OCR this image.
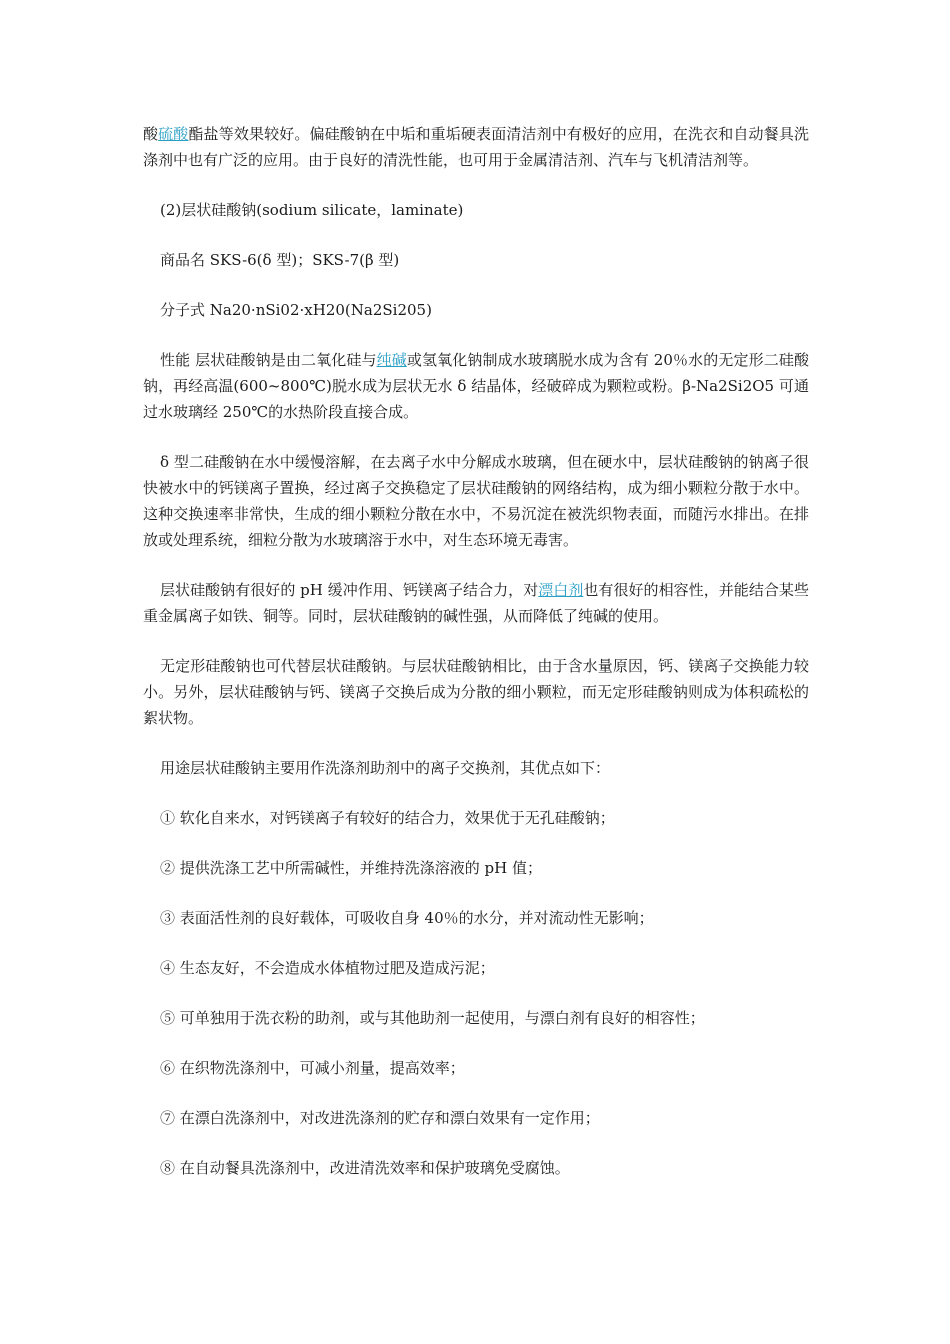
酸硫酸酯盐等效果较好。偏硅酸钠在中垢和重垢硬表面清洁剂中有极好的应用，在洗衣和自动餐具洗涤剂中也有广泛的应用。由于良好的清洗性能，也可用于金属清洁剂、汽车与飞机清洁剂等。

(2)层状硅酸钠(sodium silicate，laminate)

商品名 SKS-6(δ 型)；SKS-7(β 型)

分子式 Na20·nSi02·xH20(Na2Si205)

性能 层状硅酸钠是由二氧化硅与纯碱或氢氧化钠制成水玻璃脱水成为含有 20％水的无定形二硅酸钠，再经高温(600~800℃)脱水成为层状无水 δ 结晶体，经破碎成为颗粒或粉。β-Na2Si2O5 可通过水玻璃经 250℃的水热阶段直接合成。

δ 型二硅酸钠在水中缓慢溶解，在去离子水中分解成水玻璃，但在硬水中，层状硅酸钠的钠离子很快被水中的钙镁离子置换，经过离子交换稳定了层状硅酸钠的网络结构，成为细小颗粒分散于水中。这种交换速率非常快，生成的细小颗粒分散在水中，不易沉淀在被洗织物表面，而随污水排出。在排放或处理系统，细粒分散为水玻璃溶于水中，对生态环境无毒害。

层状硅酸钠有很好的 pH 缓冲作用、钙镁离子结合力，对漂白剂也有很好的相容性，并能结合某些重金属离子如铁、铜等。同时，层状硅酸钠的碱性强，从而降低了纯碱的使用。

无定形硅酸钠也可代替层状硅酸钠。与层状硅酸钠相比，由于含水量原因，钙、镁离子交换能力较小。另外，层状硅酸钠与钙、镁离子交换后成为分散的细小颗粒，而无定形硅酸钠则成为体积疏松的絮状物。

用途层状硅酸钠主要用作洗涤剂助剂中的离子交换剂，其优点如下：

① 软化自来水，对钙镁离子有较好的结合力，效果优于无孔硅酸钠；

② 提供洗涤工艺中所需碱性，并维持洗涤溶液的 pH 值；

③ 表面活性剂的良好载体，可吸收自身 40％的水分，并对流动性无影响；

④ 生态友好，不会造成水体植物过肥及造成污泥；

⑤ 可单独用于洗衣粉的助剂，或与其他助剂一起使用，与漂白剂有良好的相容性；

⑥ 在织物洗涤剂中，可减小剂量，提高效率；

⑦ 在漂白洗涤剂中，对改进洗涤剂的贮存和漂白效果有一定作用；

⑧ 在自动餐具洗涤剂中，改进清洗效率和保护玻璃免受腐蚀。
